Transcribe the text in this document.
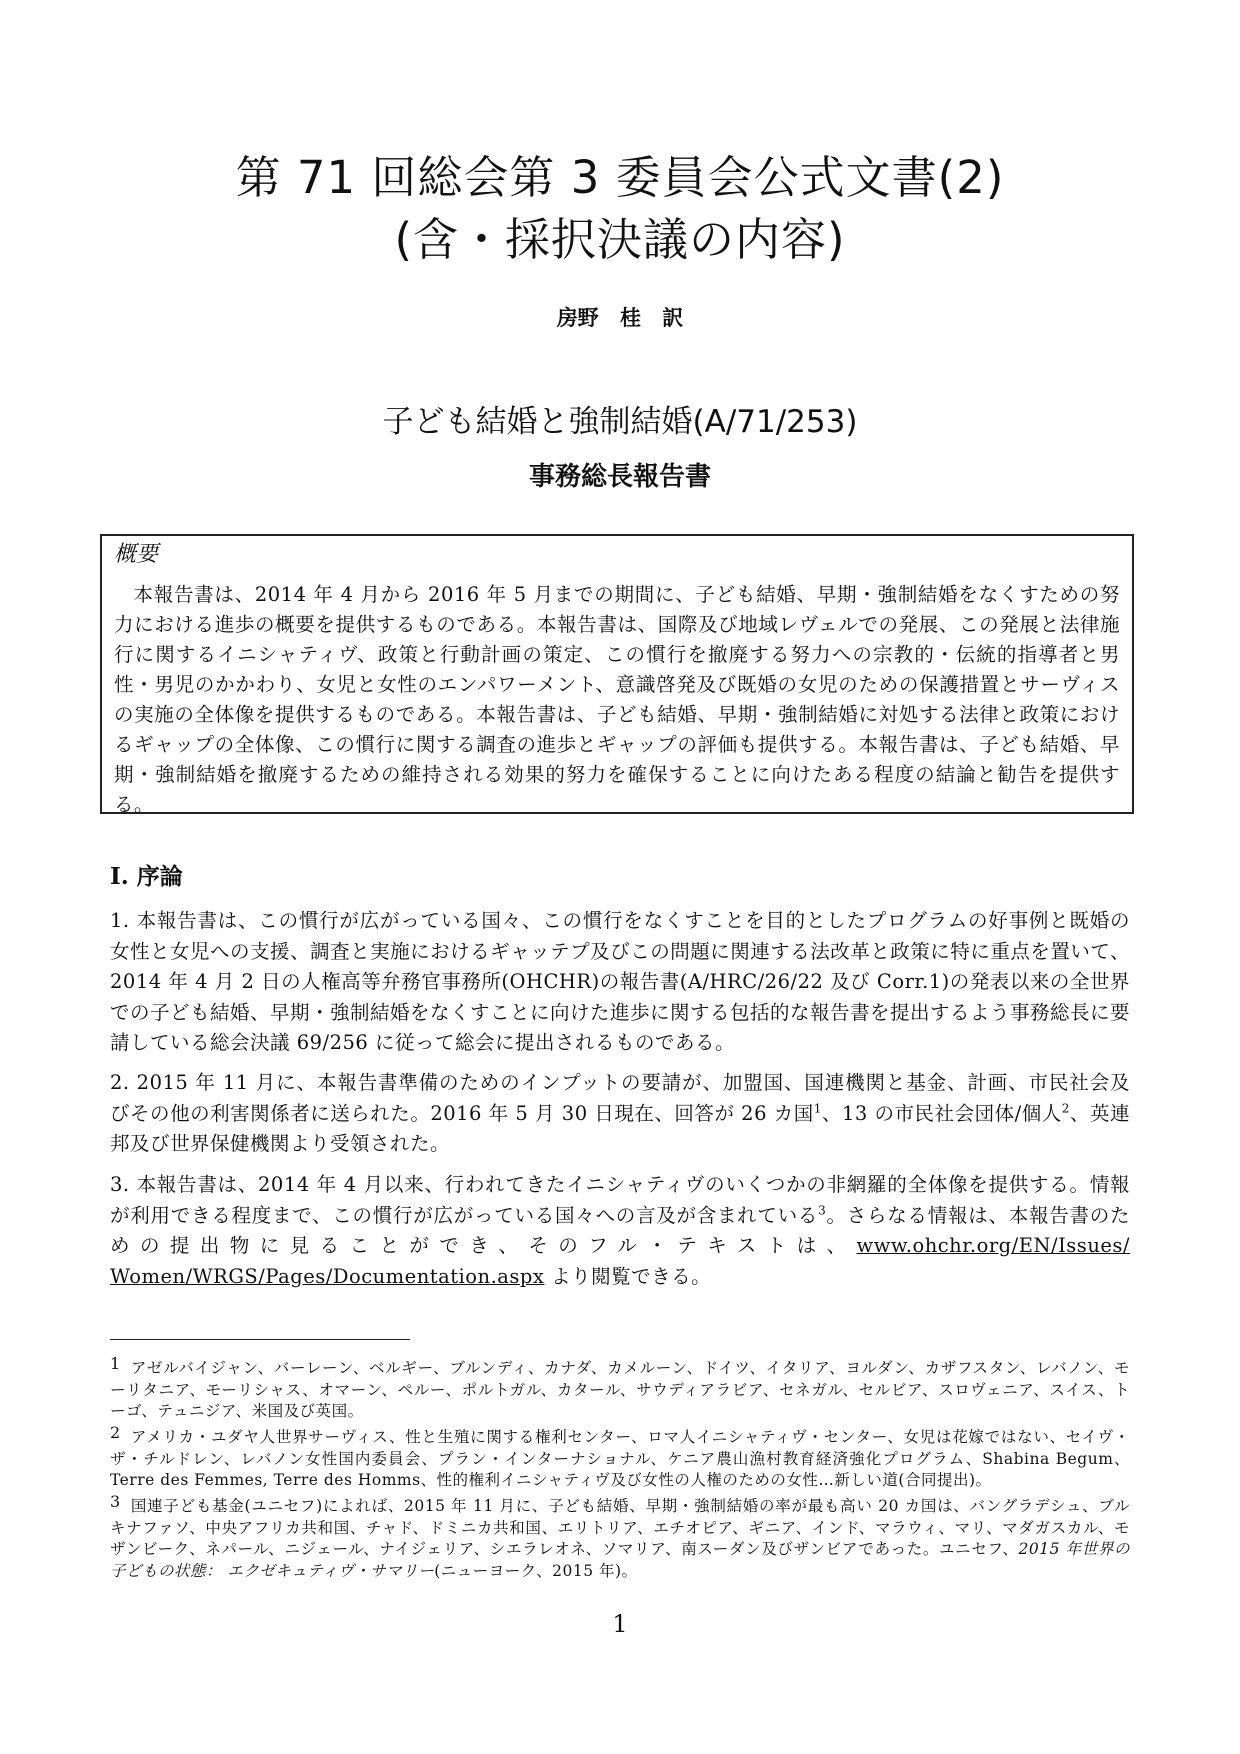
第 71 回総会第 3 委員会公式文書(2)
(含・採択決議の内容)
房野 桂 訳
子ども結婚と強制結婚(A/71/253)
事務総長報告書

概要

本報告書は、2014 年 4 月から 2016 年 5 月までの期間に、子ども結婚、早期・強制結婚をなくすための努力における進歩の概要を提供するものである。本報告書は、国際及び地域レヴェルでの発展、この発展と法律施行に関するイニシャティヴ、政策と行動計画の策定、この慣行を撤廃する努力への宗教的・伝統的指導者と男性・男児のかかわり、女児と女性のエンパワーメント、意識啓発及び既婚の女児のための保護措置とサーヴィスの実施の全体像を提供するものである。本報告書は、子ども結婚、早期・強制結婚に対処する法律と政策におけるギャップの全体像、この慣行に関する調査の進歩とギャップの評価も提供する。本報告書は、子ども結婚、早期・強制結婚を撤廃するための維持される効果的努力を確保することに向けたある程度の結論と勧告を提供する。

I. 序論

1. 本報告書は、この慣行が広がっている国々、この慣行をなくすことを目的としたプログラムの好事例と既婚の女性と女児への支援、調査と実施におけるギャッテプ及びこの問題に関連する法改革と政策に特に重点を置いて、2014 年 4 月 2 日の人権高等弁務官事務所(OHCHR)の報告書(A/HRC/26/22 及び Corr.1)の発表以来の全世界での子ども結婚、早期・強制結婚をなくすことに向けた進歩に関する包括的な報告書を提出するよう事務総長に要請している総会決議 69/256 に従って総会に提出されるものである。

2. 2015 年 11 月に、本報告書準備のためのインプットの要請が、加盟国、国連機関と基金、計画、市民社会及びその他の利害関係者に送られた。2016 年 5 月 30 日現在、回答が 26 カ国$^1$、13 の市民社会団体/個人$^2$、英連邦及び世界保健機関より受領された。

3. 本報告書は、2014 年 4 月以来、行われてきたイニシャティヴのいくつかの非網羅的全体像を提供する。情報が利用できる程度まで、この慣行が広がっている国々への言及が含まれている$^3$。さらなる情報は、本報告書のための提出物に見ることができ、そのフル・テキストは、www.ohchr.org/EN/Issues/ Women/WRGS/Pages/Documentation.aspx より閲覧できる。

1 アゼルバイジャン、バーレーン、ベルギー、ブルンディ、カナダ、カメルーン、ドイツ、イタリア、ヨルダン、カザフスタン、レバノン、モーリタニア、モーリシャス、オマーン、ペルー、ポルトガル、カタール、サウディアラビア、セネガル、セルビア、スロヴェニア、スイス、トーゴ、テュニジア、米国及び英国。

2 アメリカ・ユダヤ人世界サーヴィス、性と生殖に関する権利センター、ロマ人イニシャティヴ・センター、女児は花嫁ではない、セイヴ・ザ・チルドレン、レバノン女性国内委員会、プラン・インターナショナル、ケニア農山漁村教育経済強化プログラム、Shabina Begum、Terre des Femmes, Terre des Homms、性的権利イニシャティヴ及び女性の人権のための女性…新しい道(合同提出)。

3 国連子ども基金(ユニセフ)によれば、2015 年 11 月に、子ども結婚、早期・強制結婚の率が最も高い 20 カ国は、バングラデシュ、ブルキナファソ、中央アフリカ共和国、チャド、ドミニカ共和国、エリトリア、エチオピア、ギニア、インド、マラウィ、マリ、マダガスカル、モザンビーク、ネパール、ニジェール、ナイジェリア、シエラレオネ、ソマリア、南スーダン及びザンビアであった。ユニセフ、2015 年世界の子どもの状態： エクゼキュティヴ・サマリー(ニューヨーク、2015 年)。

1
